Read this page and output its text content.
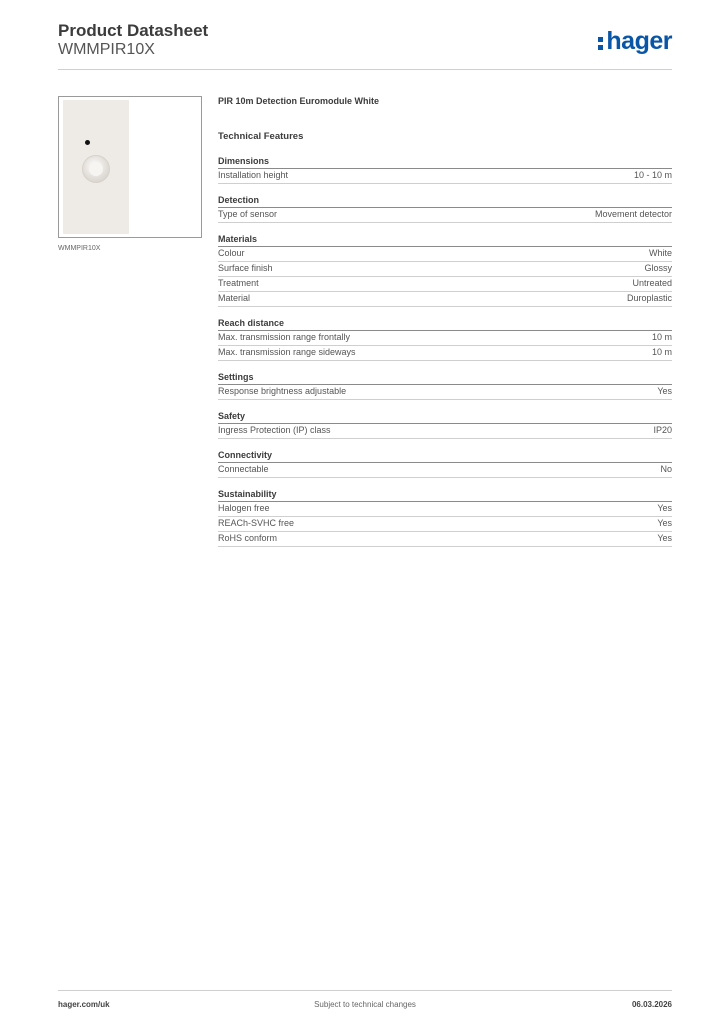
Product Datasheet
WMMPIR10X	hager
WMMPIR10X
PIR 10m Detection Euromodule White
Technical Features
Dimensions
Installation height	10 - 10 m
Detection
Type of sensor	Movement detector
Materials
Colour	White
Surface finish	Glossy
Treatment	Untreated
Material	Duroplastic
Reach distance
Max. transmission range frontally	10 m
Max. transmission range sideways	10 m
Settings
Response brightness adjustable	Yes
Safety
Ingress Protection (IP) class	IP20
Connectivity
Connectable	No
Sustainability
Halogen free	Yes
REACh-SVHC free	Yes
RoHS conform	Yes
hager.com/uk	Subject to technical changes	06.03.2026
